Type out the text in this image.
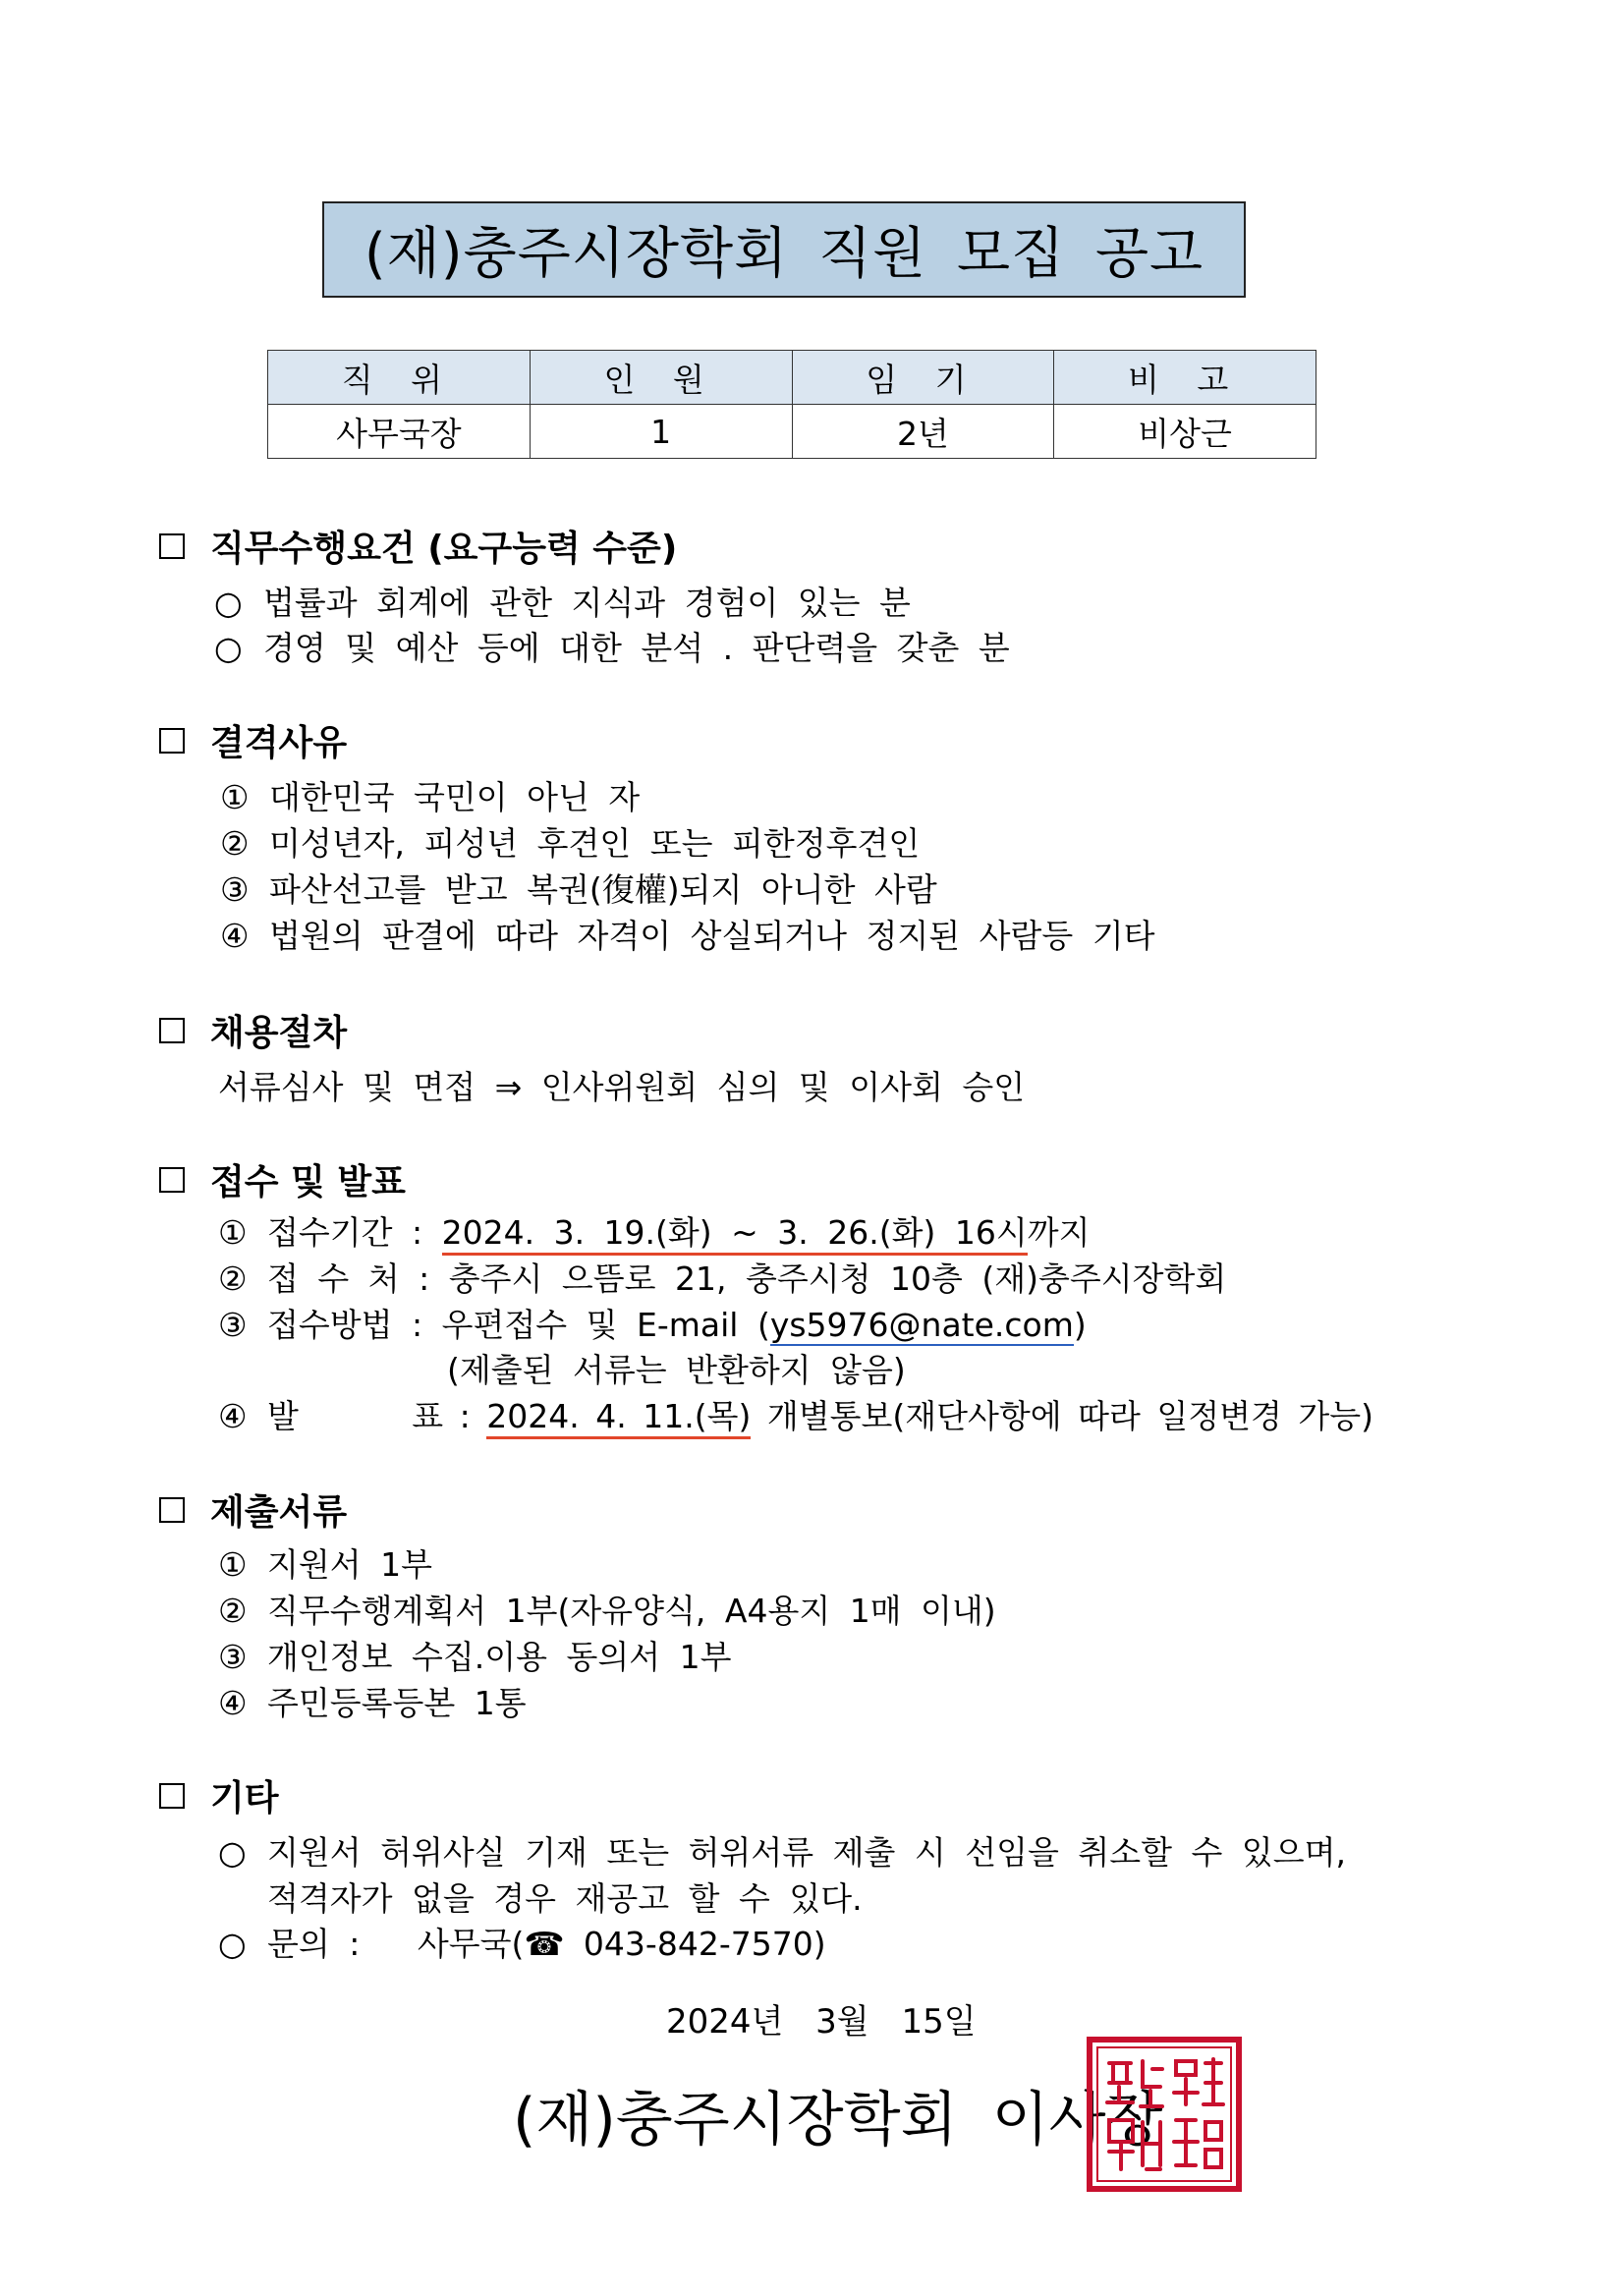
(재)충주시장학회 직원 모집 공고
직 위	인 원	임 기	비 고
사무국장	1	2년	비상근
직무수행요건 (요구능력 수준)
○ 법률과 회계에 관한 지식과 경험이 있는 분
○ 경영 및 예산 등에 대한 분석 . 판단력을 갖춘 분
결격사유
① 대한민국 국민이 아닌 자
② 미성년자, 피성년 후견인 또는 피한정후견인
③ 파산선고를 받고 복권(復權)되지 아니한 사람
④ 법원의 판결에 따라 자격이 상실되거나 정지된 사람등 기타
채용절차
서류심사 및 면접 ⇒ 인사위원회 심의 및 이사회 승인
접수 및 발표
① 접수기간 : 2024. 3. 19.(화) ~ 3. 26.(화) 16시까지
② 접 수 처 : 충주시 으뜸로 21, 충주시청 10층 (재)충주시장학회
③ 접수방법 : 우편접수 및 E-mail (ys5976@nate.com)
(제출된 서류는 반환하지 않음)
④ 발       표 : 2024. 4. 11.(목) 개별통보(재단사항에 따라 일정변경 가능)
제출서류
① 지원서 1부
② 직무수행계획서 1부(자유양식, A4용지 1매 이내)
③ 개인정보 수집.이용 동의서 1부
④ 주민등록등본 1통
기타
○ 지원서 허위사실 기재 또는 허위서류 제출 시 선임을 취소할 수 있으며,
적격자가 없을 경우 재공고 할 수 있다.
○ 문의 :   사무국(☎ 043-842-7570)
2024년 3월 15일
(재)충주시장학회 이사장
